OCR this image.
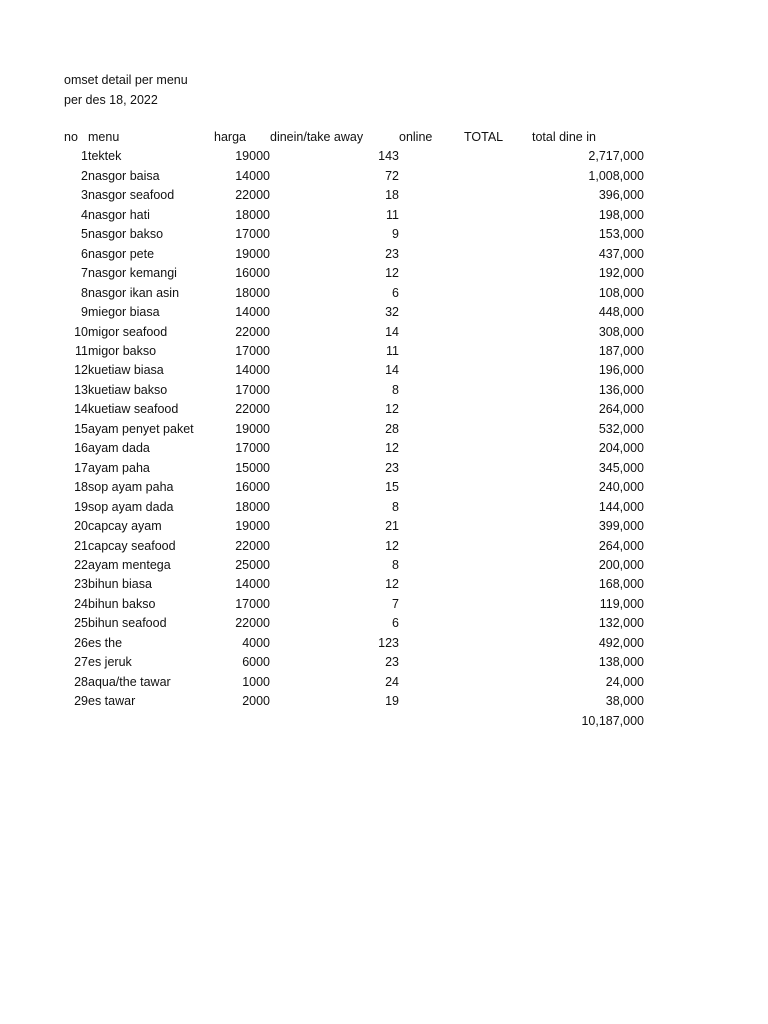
omset detail per menu
per des 18, 2022
no	menu	harga	dinein/take away	online	TOTAL	total dine in
1	tektek	19000	143			2,717,000
2	nasgor baisa	14000	72			1,008,000
3	nasgor seafood	22000	18			396,000
4	nasgor hati	18000	11			198,000
5	nasgor bakso	17000	9			153,000
6	nasgor pete	19000	23			437,000
7	nasgor kemangi	16000	12			192,000
8	nasgor ikan asin	18000	6			108,000
9	miegor biasa	14000	32			448,000
10	migor seafood	22000	14			308,000
11	migor bakso	17000	11			187,000
12	kuetiaw biasa	14000	14			196,000
13	kuetiaw bakso	17000	8			136,000
14	kuetiaw seafood	22000	12			264,000
15	ayam penyet paket	19000	28			532,000
16	ayam dada	17000	12			204,000
17	ayam paha	15000	23			345,000
18	sop ayam paha	16000	15			240,000
19	sop ayam dada	18000	8			144,000
20	capcay ayam	19000	21			399,000
21	capcay seafood	22000	12			264,000
22	ayam mentega	25000	8			200,000
23	bihun biasa	14000	12			168,000
24	bihun bakso	17000	7			119,000
25	bihun seafood	22000	6			132,000
26	es the	4000	123			492,000
27	es jeruk	6000	23			138,000
28	aqua/the tawar	1000	24			24,000
29	es tawar	2000	19			38,000
						10,187,000
